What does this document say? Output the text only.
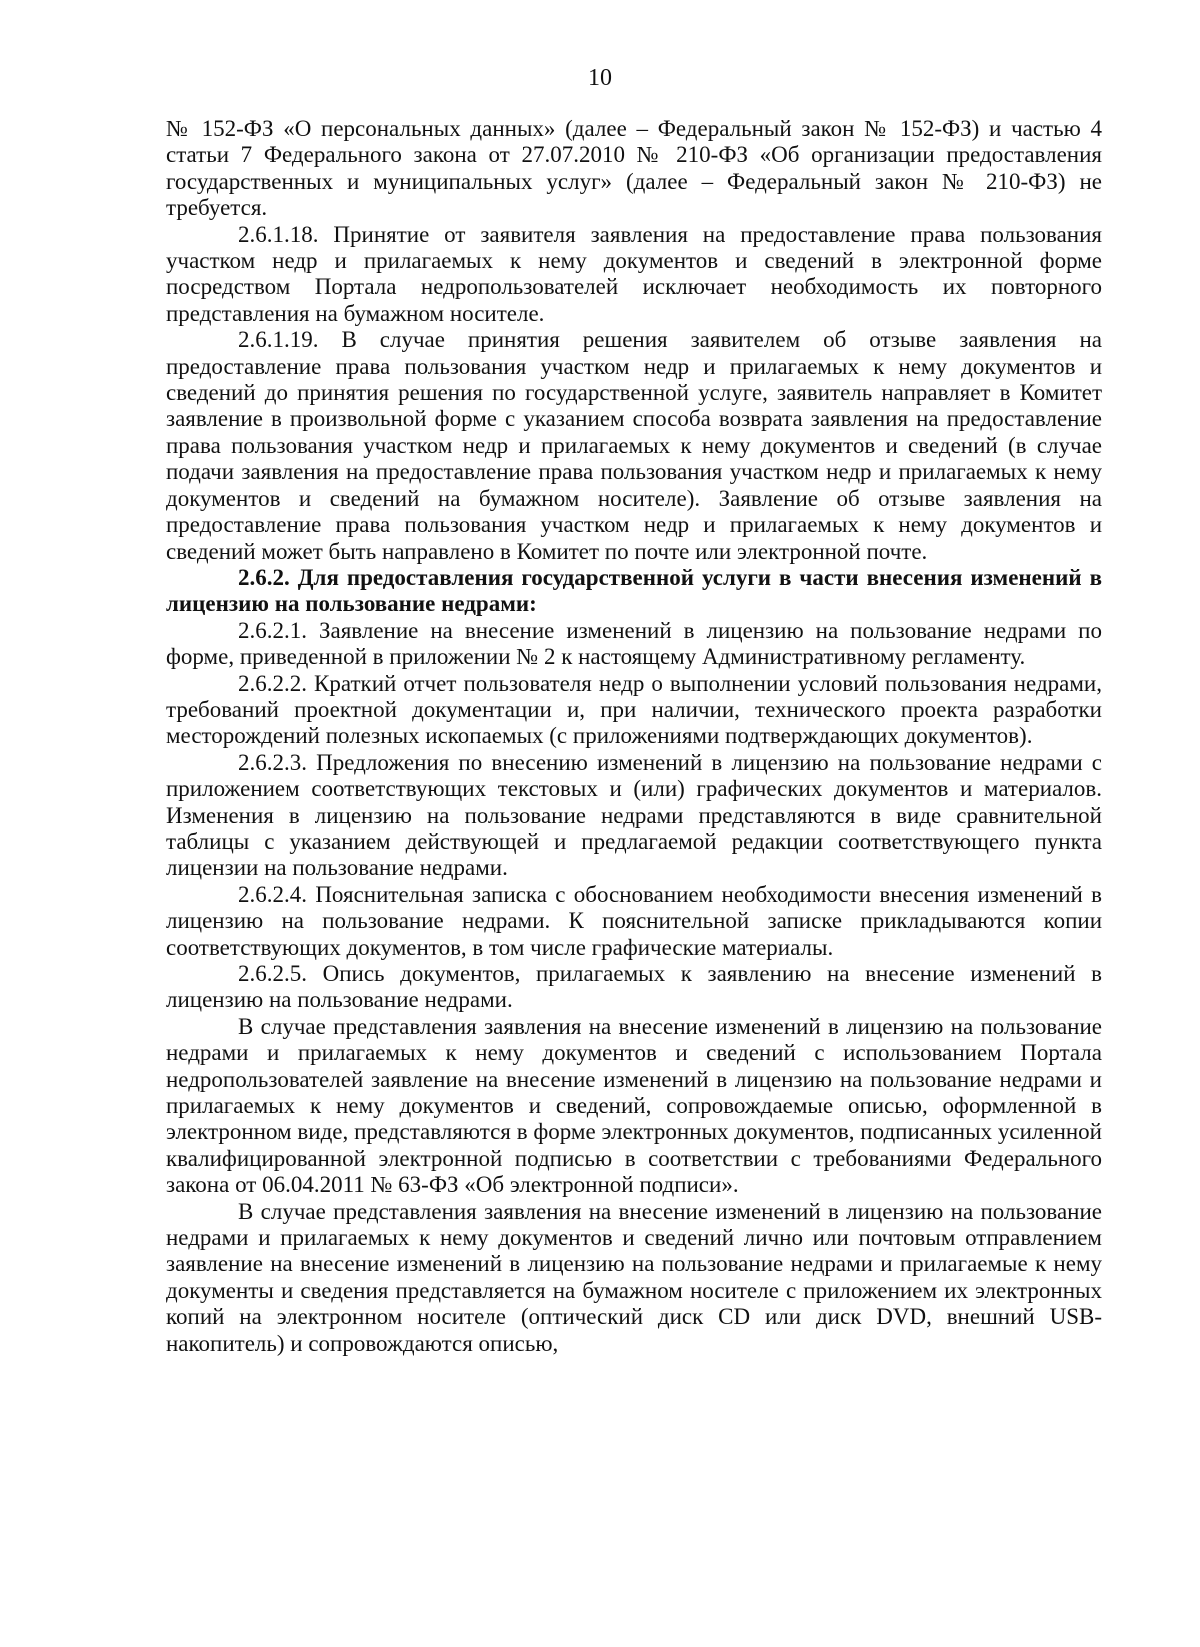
10

№ 152-ФЗ «О персональных данных» (далее – Федеральный закон № 152-ФЗ) и частью 4 статьи 7 Федерального закона от 27.07.2010 № 210-ФЗ «Об организации предоставления государственных и муниципальных услуг» (далее – Федеральный закон № 210-ФЗ) не требуется.

2.6.1.18. Принятие от заявителя заявления на предоставление права пользования участком недр и прилагаемых к нему документов и сведений в электронной форме посредством Портала недропользователей исключает необходимость их повторного представления на бумажном носителе.

2.6.1.19. В случае принятия решения заявителем об отзыве заявления на предоставление права пользования участком недр и прилагаемых к нему документов и сведений до принятия решения по государственной услуге, заявитель направляет в Комитет заявление в произвольной форме с указанием способа возврата заявления на предоставление права пользования участком недр и прилагаемых к нему документов и сведений (в случае подачи заявления на предоставление права пользования участком недр и прилагаемых к нему документов и сведений на бумажном носителе). Заявление об отзыве заявления на предоставление права пользования участком недр и прилагаемых к нему документов и сведений может быть направлено в Комитет по почте или электронной почте.

2.6.2. Для предоставления государственной услуги в части внесения изменений в лицензию на пользование недрами:

2.6.2.1. Заявление на внесение изменений в лицензию на пользование недрами по форме, приведенной в приложении № 2 к настоящему Административному регламенту.

2.6.2.2. Краткий отчет пользователя недр о выполнении условий пользования недрами, требований проектной документации и, при наличии, технического проекта разработки месторождений полезных ископаемых (с приложениями подтверждающих документов).

2.6.2.3. Предложения по внесению изменений в лицензию на пользование недрами с приложением соответствующих текстовых и (или) графических документов и материалов. Изменения в лицензию на пользование недрами представляются в виде сравнительной таблицы с указанием действующей и предлагаемой редакции соответствующего пункта лицензии на пользование недрами.

2.6.2.4. Пояснительная записка с обоснованием необходимости внесения изменений в лицензию на пользование недрами. К пояснительной записке прикладываются копии соответствующих документов, в том числе графические материалы.

2.6.2.5. Опись документов, прилагаемых к заявлению на внесение изменений в лицензию на пользование недрами.

В случае представления заявления на внесение изменений в лицензию на пользование недрами и прилагаемых к нему документов и сведений с использованием Портала недропользователей заявление на внесение изменений в лицензию на пользование недрами и прилагаемых к нему документов и сведений, сопровождаемые описью, оформленной в электронном виде, представляются в форме электронных документов, подписанных усиленной квалифицированной электронной подписью в соответствии с требованиями Федерального закона от 06.04.2011 № 63-ФЗ «Об электронной подписи».

В случае представления заявления на внесение изменений в лицензию на пользование недрами и прилагаемых к нему документов и сведений лично или почтовым отправлением заявление на внесение изменений в лицензию на пользование недрами и прилагаемые к нему документы и сведения представляется на бумажном носителе с приложением их электронных копий на электронном носителе (оптический диск CD или диск DVD, внешний USB-накопитель) и сопровождаются описью,
